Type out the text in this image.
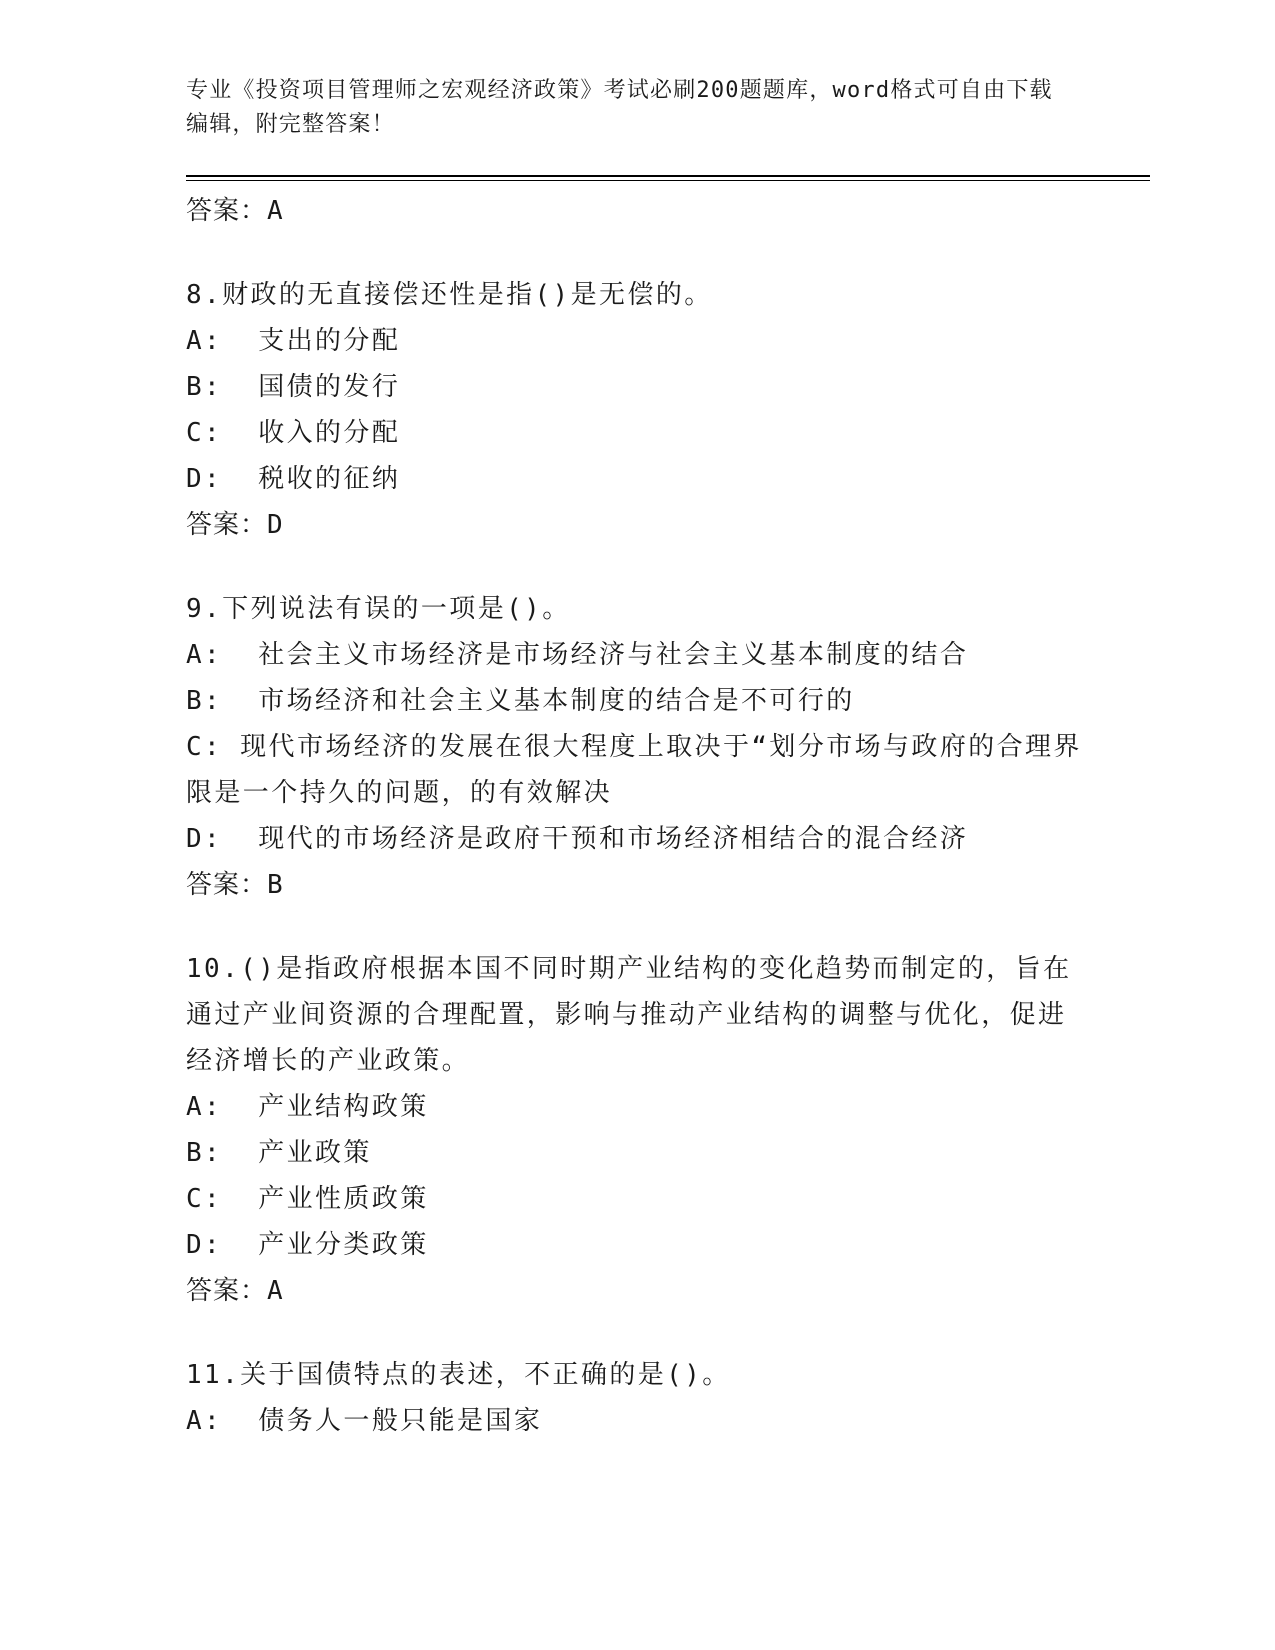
专业《投资项目管理师之宏观经济政策》考试必刷200题题库，word格式可自由下载编辑，附完整答案！

答案：A

8.财政的无直接偿还性是指()是无偿的。

A:  支出的分配

B:  国债的发行

C:  收入的分配

D:  税收的征纳

答案：D

9.下列说法有误的一项是()。

A:  社会主义市场经济是市场经济与社会主义基本制度的结合

B:  市场经济和社会主义基本制度的结合是不可行的

C: 现代市场经济的发展在很大程度上取决于“划分市场与政府的合理界限是一个持久的问题，的有效解决

D:  现代的市场经济是政府干预和市场经济相结合的混合经济

答案：B

10.()是指政府根据本国不同时期产业结构的变化趋势而制定的，旨在通过产业间资源的合理配置，影响与推动产业结构的调整与优化，促进经济增长的产业政策。

A:  产业结构政策

B:  产业政策

C:  产业性质政策

D:  产业分类政策

答案：A

11.关于国债特点的表述，不正确的是()。

A:  债务人一般只能是国家
